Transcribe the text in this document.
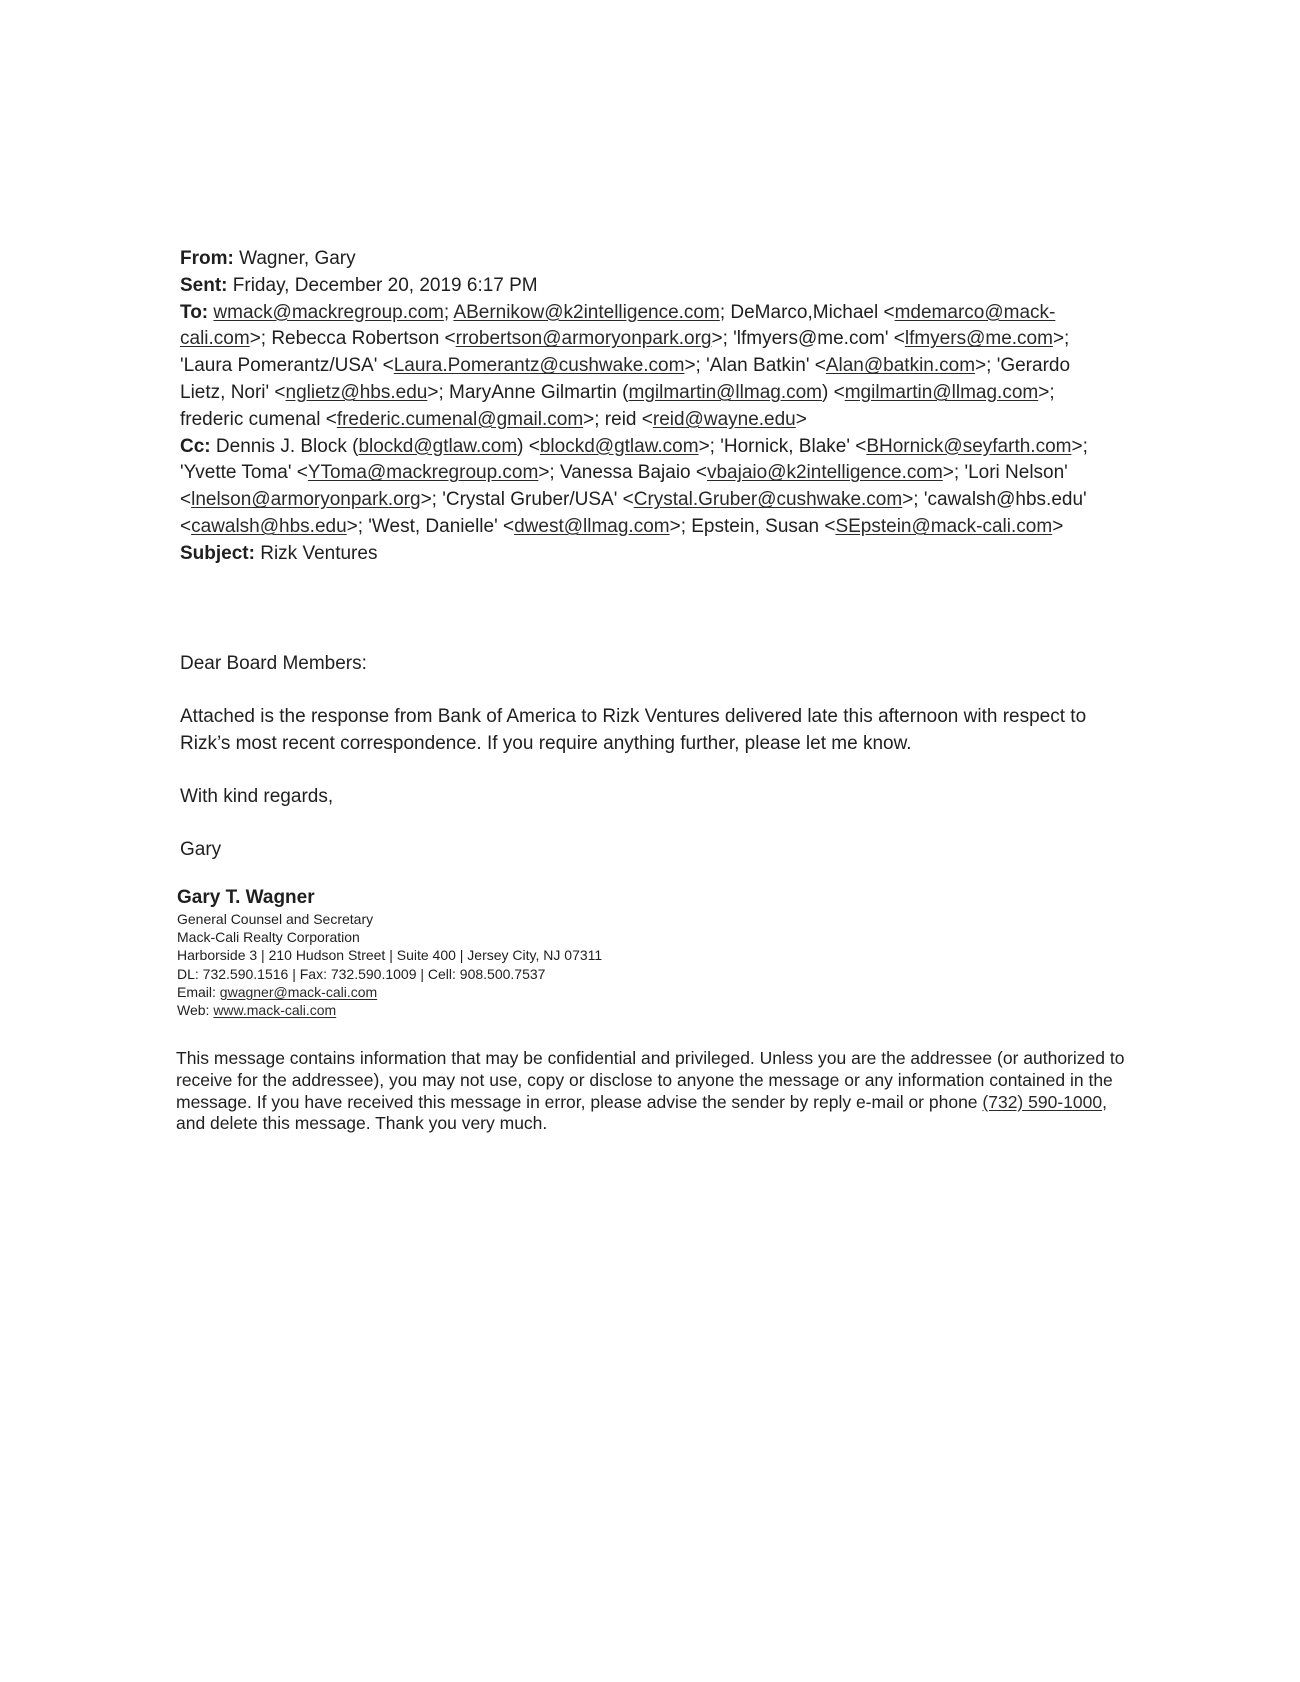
From: Wagner, Gary
Sent: Friday, December 20, 2019 6:17 PM
To: wmack@mackregroup.com; ABernikow@k2intelligence.com; DeMarco,Michael <mdemarco@mack-cali.com>; Rebecca Robertson <rrobertson@armoryonpark.org>; 'lfmyers@me.com' <lfmyers@me.com>; 'Laura Pomerantz/USA' <Laura.Pomerantz@cushwake.com>; 'Alan Batkin' <Alan@batkin.com>; 'Gerardo Lietz, Nori' <nglietz@hbs.edu>; MaryAnne Gilmartin (mgilmartin@llmag.com) <mgilmartin@llmag.com>; frederic cumenal <frederic.cumenal@gmail.com>; reid <reid@wayne.edu>
Cc: Dennis J. Block (blockd@gtlaw.com) <blockd@gtlaw.com>; 'Hornick, Blake' <BHornick@seyfarth.com>; 'Yvette Toma' <YToma@mackregroup.com>; Vanessa Bajaio <vbajaio@k2intelligence.com>; 'Lori Nelson' <lnelson@armoryonpark.org>; 'Crystal Gruber/USA' <Crystal.Gruber@cushwake.com>; 'cawalsh@hbs.edu' <cawalsh@hbs.edu>; 'West, Danielle' <dwest@llmag.com>; Epstein, Susan <SEpstein@mack-cali.com>
Subject: Rizk Ventures

Dear Board Members:

Attached is the response from Bank of America to Rizk Ventures delivered late this afternoon with respect to Rizk’s most recent correspondence. If you require anything further, please let me know.

With kind regards,

Gary

Gary T. Wagner
General Counsel and Secretary
Mack-Cali Realty Corporation
Harborside 3 | 210 Hudson Street | Suite 400 | Jersey City, NJ 07311
DL: 732.590.1516 | Fax: 732.590.1009 | Cell: 908.500.7537
Email: gwagner@mack-cali.com
Web: www.mack-cali.com

This message contains information that may be confidential and privileged. Unless you are the addressee (or authorized to receive for the addressee), you may not use, copy or disclose to anyone the message or any information contained in the message. If you have received this message in error, please advise the sender by reply e-mail or phone (732) 590-1000, and delete this message. Thank you very much.
